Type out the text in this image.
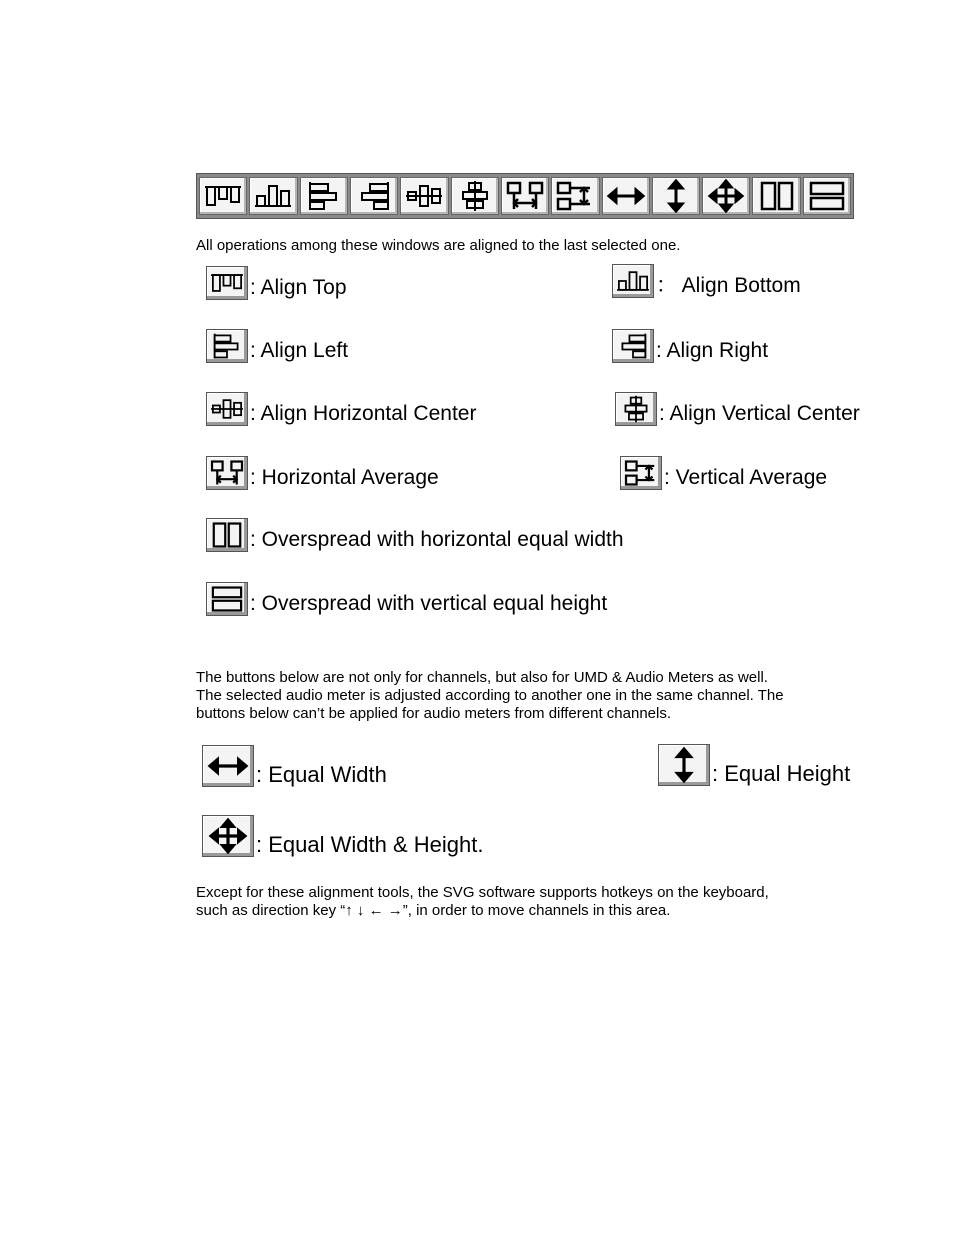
All operations among these windows are aligned to the last selected one.

: Align Top	： Align Bottom
: Align Left	: Align Right
: Align Horizontal Center	: Align Vertical Center
: Horizontal Average	: Vertical Average
: Overspread with horizontal equal width
: Overspread with vertical equal height

The buttons below are not only for channels, but also for UMD & Audio Meters as well.

The selected audio meter is adjusted according to another one in the same channel. The

buttons below can’t be applied for audio meters from different channels.

: Equal Width	: Equal Height
: Equal Width & Height.

Except for these alignment tools, the SVG software supports hotkeys on the keyboard,

such as direction key “↑ ↓ ← →”, in order to move channels in this area.
